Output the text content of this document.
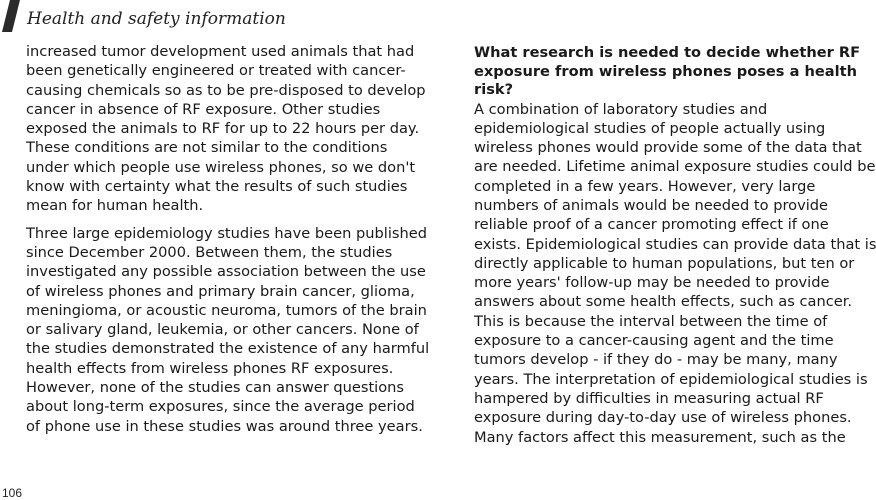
Health and safety information

increased tumor development used animals that had
been genetically engineered or treated with cancer-
causing chemicals so as to be pre-disposed to develop
cancer in absence of RF exposure. Other studies
exposed the animals to RF for up to 22 hours per day.
These conditions are not similar to the conditions
under which people use wireless phones, so we don't
know with certainty what the results of such studies
mean for human health.

Three large epidemiology studies have been published
since December 2000. Between them, the studies
investigated any possible association between the use
of wireless phones and primary brain cancer, glioma,
meningioma, or acoustic neuroma, tumors of the brain
or salivary gland, leukemia, or other cancers. None of
the studies demonstrated the existence of any harmful
health effects from wireless phones RF exposures.
However, none of the studies can answer questions
about long-term exposures, since the average period
of phone use in these studies was around three years.

What research is needed to decide whether RF
exposure from wireless phones poses a health
risk?

A combination of laboratory studies and
epidemiological studies of people actually using
wireless phones would provide some of the data that
are needed. Lifetime animal exposure studies could be
completed in a few years. However, very large
numbers of animals would be needed to provide
reliable proof of a cancer promoting effect if one
exists. Epidemiological studies can provide data that is
directly applicable to human populations, but ten or
more years' follow-up may be needed to provide
answers about some health effects, such as cancer.
This is because the interval between the time of
exposure to a cancer-causing agent and the time
tumors develop - if they do - may be many, many
years. The interpretation of epidemiological studies is
hampered by difficulties in measuring actual RF
exposure during day-to-day use of wireless phones.
Many factors affect this measurement, such as the

106
